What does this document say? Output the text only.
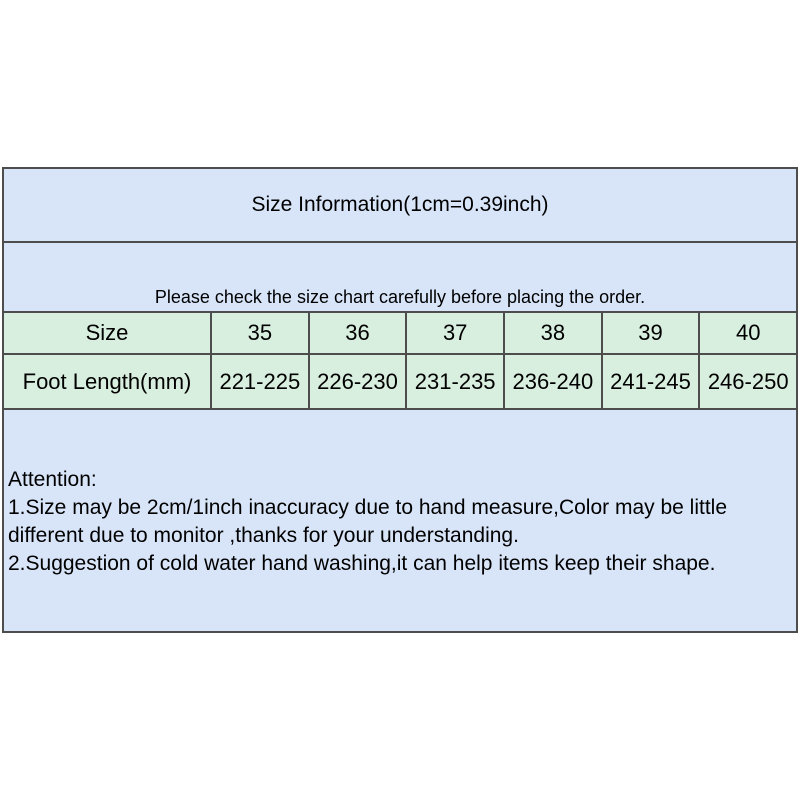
Size Information(1cm=0.39inch)
Please check the size chart carefully before placing the order.
Size	35	36	37	38	39	40
Foot Length(mm)	221-225 226-230 231-235 236-240 241-245 246-250
Attention:
1.Size may be 2cm/1inch inaccuracy due to hand measure,Color may be little
different due to monitor ,thanks for your understanding.
2.Suggestion of cold water hand washing,it can help items keep their shape.
